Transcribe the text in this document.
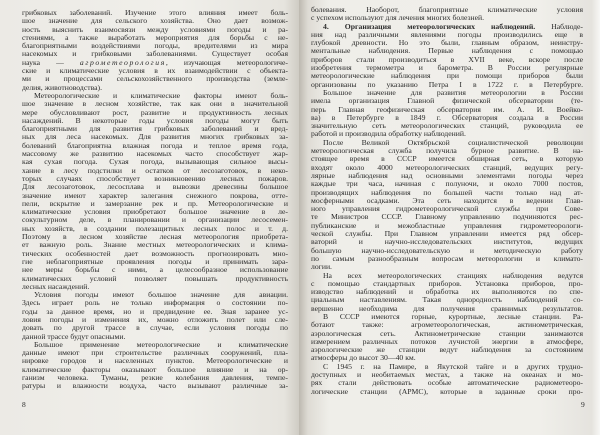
грибковых заболеваний. Изучение этого влияния имеет боль-
шое значение для сельского хозяйства. Оно дает возмож-
ность выяснить взаимосвязи между условиями погоды и ра-
стениями, а также выработать мероприятия для борьбы с не-
благоприятными воздействиями погоды, вредителями из мира
насекомых и грибковыми заболеваниями. Существует особая
наука — агрометеорология, изучающая метеорологиче-
ские и климатические условия в их взаимодействии с объекта-
ми и процессами сельскохозяйственного производства (земле-
делия, животноводства).
Метеорологические и климатические факторы имеют боль-
шое значение в лесном хозяйстве, так как они в значительной
мере обусловливают рост, развитие и продуктивность лесных
насаждений. В некоторые годы условия погоды могут быть
благоприятными для развития грибковых заболеваний и вред-
ных для леса насекомых. Для развития многих грибковых за-
болеваний благоприятна влажная погода и теплое время года,
массовому же развитию насекомых часто способствует жар-
кая сухая погода. Сухая погода, вызывающая сильное высы-
хание в лесу подстилки и остатков от лесозаготовок, в неко-
торых случаях способствует возникновению лесных пожаров.
Для лесозаготовок, лесосплава и вывозки древесины большое
значение имеют характер залегания снежного покрова, отте-
пели, вскрытие и замерзание рек и пр. Метеорологические и
климатические условия приобретают большое значение в ле-
сокультурном деле, в планировании и организации лесосемен-
ных хозяйств, в создании полезащитных лесных полос и т. д.
Поэтому в лесном хозяйстве лесная метеорология приобрета-
ет важную роль. Знание местных метеорологических и клима-
тических особенностей дает возможность прогнозировать мно-
гие неблагоприятные проявления погоды и принимать зара-
нее меры борьбы с ними, а целесообразное использование
климатических условий позволяет повышать продуктивность
лесных насаждений.
Условия погоды имеют большое значение для авиации.
Здесь играет роль не только информация о состоянии по-
годы за данное время, но и предвидение ее. Зная заранее ус-
ловия погоды и изменения их, можно отложить полет или сле-
довать по другой трассе в случае, если условия погоды по
данной трассе будут опасными.
Большое применение метеорологические и климатические
данные имеют при строительстве различных сооружений, пла-
нировке городов и населенных пунктов. Метеорологические и
климатические факторы оказывают большое влияние и на ор-
ганизм человека. Туманы, резкие колебания давления, темпе-
ратуры и влажности воздуха, часто вызывают различные за-
8
болевания. Наоборот, благоприятные климатические условия
с успехом используют для лечения многих болезней.
4. Организация метеорологических наблюдений. Наблюде-
ния над различными явлениями погоды производились еще в
глубокой древности. Но это были, главным образом, неинстру-
ментальные наблюдения. Первые наблюдения с помощью
приборов стали производиться в XVII веке, вскоре после
изобретения термометра и барометра. В России регулярные
метеорологические наблюдения при помощи приборов были
организованы по указанию Петра I в 1722 г. в Петербурге.
Большое значение для развития метеорологии в России
имела организация Главной физической обсерватории (те-
перь Главная геофизическая обсерватория им. А. И. Воейко-
ва) в Петербурге в 1849 г. Обсерватория создала в России
значительную сеть метеорологических станций, руководила ее
работой и производила обработку наблюдений.
После Великой Октябрьской социалистической революции
метеорологическая служба получила бурное развитие. В на-
стоящее время в СССР имеется обширная сеть, в которую
входят около 4000 метеорологических станций, ведущих регу-
лярные наблюдения над основными элементами погоды через
каждые три часа, начиная с полуночи, и около 7000 постов,
производящих наблюдения по большей части только над ат-
мосферными осадками. Эта сеть находится в ведении Глав-
ного управления гидрометеорологической службы при Сове-
те Министров СССР. Главному управлению подчиняются рес-
публиканские и межобластные управления гидрометеорологи-
ческой службы. При Главном управлении имеется ряд обсер-
ваторий и научно-исследовательских институтов, ведущих
большую научно-исследовательскую и методическую работу
по самым разнообразным вопросам метеорологии и климато-
логии.
На всех метеорологических станциях наблюдения ведутся
с помощью стандартных приборов. Установка приборов, про-
изводство наблюдений и обработка их выполняются по спе-
циальным наставлениям. Такая однородность наблюдений со-
вершенно необходима для получения сравнимых результатов.
В СССР имеются горные, курортные, лесные станции. Ра-
ботают также: агрометеорологическая, актинометрическая,
аэрологическая сеть. Актинометрические станции занимаются
измерением различных потоков лучистой энергии в атмосфере,
аэрологические же станции ведут наблюдения за состоянием
атмосферы до высот 30—40 км.
С 1945 г. на Памире, в Якутской тайге и в других трудно-
доступных и необитаемых местах, а также на океанах и мо-
рях стали действовать особые автоматические радиометеоро-
логические станции (АРМС), которые в заданные сроки про-
9
